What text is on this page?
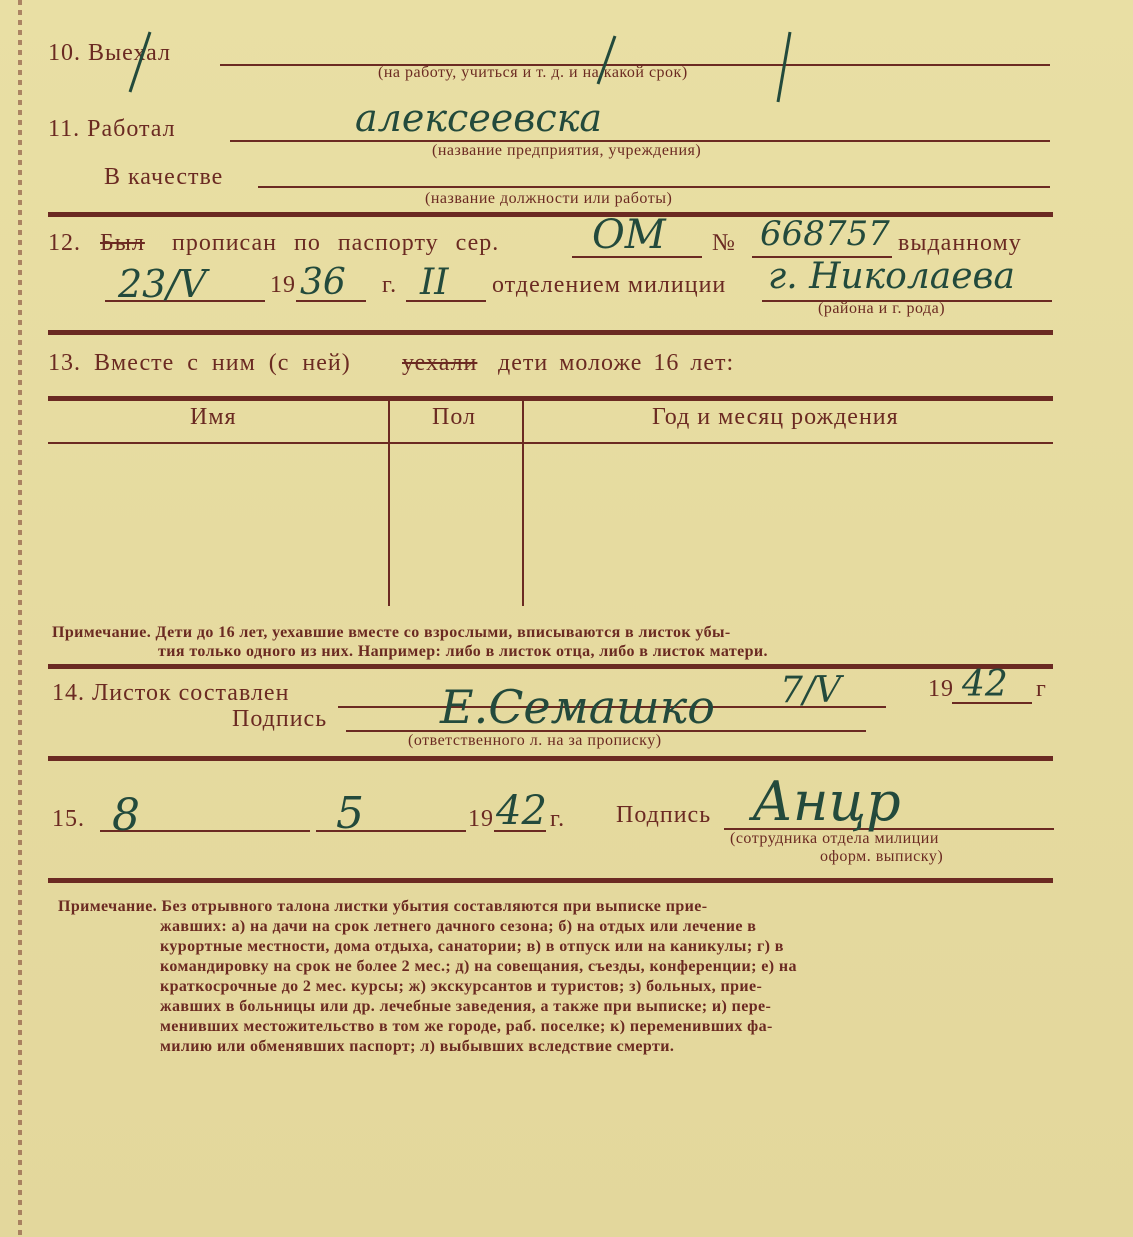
10. Выехал
(на работу, учиться и т. д. и на какой срок)
11. Работал	алексеевска
(название предприятия, учреждения)
В качестве
(название должности или работы)
12. Был прописан по паспорту сер. ОМ № 668757 выданному
23/V	19 36 г. II отделением милиции г. Николаева
(района и г. рода)
13. Вместе с ним (с ней) уехали дети моложе 16 лет:
Имя	Пол	Год и месяц рождения
Примечание. Дети до 16 лет, уехавшие вместе со взрослыми, вписываются в листок убы-
тия только одного из них. Например: либо в листок отца, либо в листок матери.
14. Листок составлен	7/V	19 42 г
Подпись Е.Семашко
(ответственного л. на за прописку)
15. 8	5	19 42 г. Подпись Анцр
(сотрудника отдела милиции
оформ. выписку)
Примечание. Без отрывного талона листки убытия составляются при выписке прие-
жавших: а) на дачи на срок летнего дачного сезона; б) на отдых или лечение в
курортные местности, дома отдыха, санатории; в) в отпуск или на каникулы; г) в
командировку на срок не более 2 мес.; д) на совещания, съезды, конференции; е) на
краткосрочные до 2 мес. курсы; ж) экскурсантов и туристов; з) больных, прие-
жавших в больницы или др. лечебные заведения, а также при выписке; и) пере-
менивших местожительство в том же городе, раб. поселке; к) переменивших фа-
милию или обменявших паспорт; л) выбывших вследствие смерти.
